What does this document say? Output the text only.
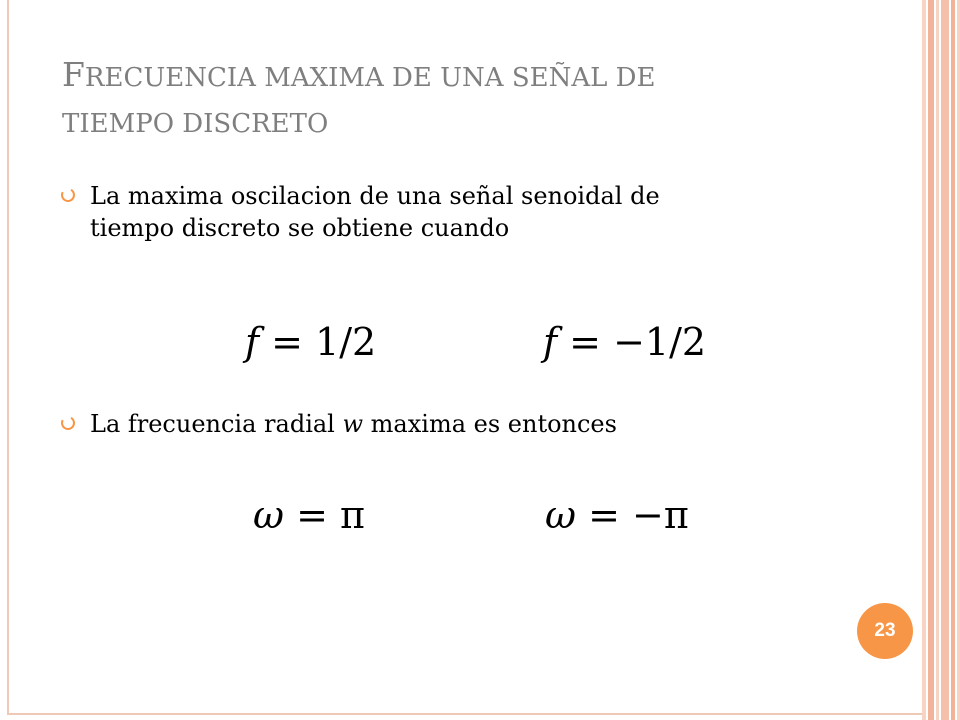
FRECUENCIA MAXIMA DE UNA SEÑAL DE
TIEMPO DISCRETO
La maxima oscilacion de una señal senoidal de
tiempo discreto se obtiene cuando
f = 1/2	f = −1/2
La frecuencia radial w maxima es entonces
ω = π	ω = −π
23
